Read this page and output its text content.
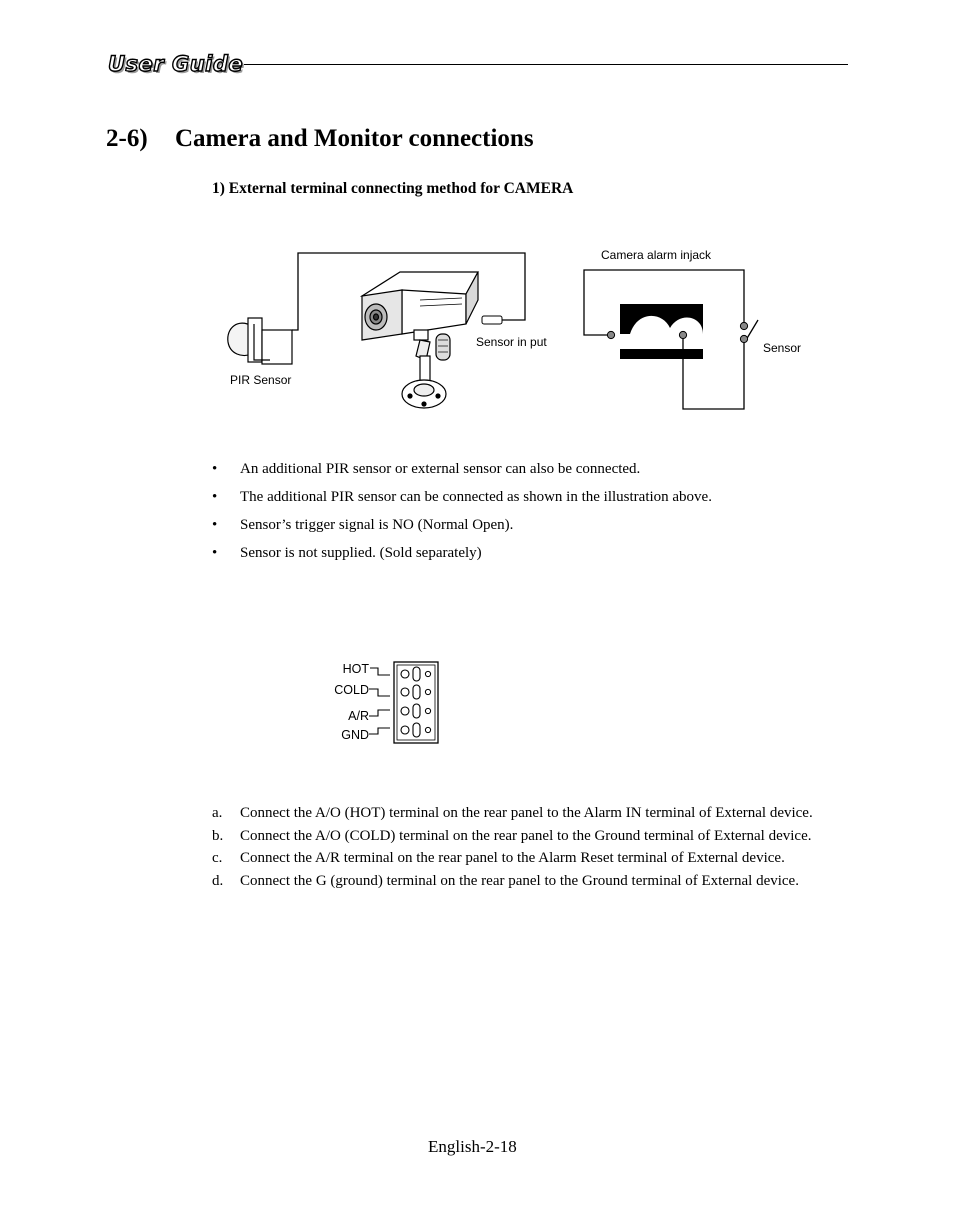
User Guide
2-6) Camera and Monitor connections
1) External terminal connecting method for CAMERA
PIR Sensor
Sensor in put
Camera alarm injack
Sensor
• An additional PIR sensor or external sensor can also be connected.
• The additional PIR sensor can be connected as shown in the illustration above.
• Sensor’s trigger signal is NO (Normal Open).
• Sensor is not supplied. (Sold separately)
HOT
COLD
A/R
GND
a. Connect the A/O (HOT) terminal on the rear panel to the Alarm IN terminal of External device.
b. Connect the A/O (COLD) terminal on the rear panel to the Ground terminal of External device.
c. Connect the A/R terminal on the rear panel to the Alarm Reset terminal of External device.
d. Connect the G (ground) terminal on the rear panel to the Ground terminal of External device.
English-2-18
